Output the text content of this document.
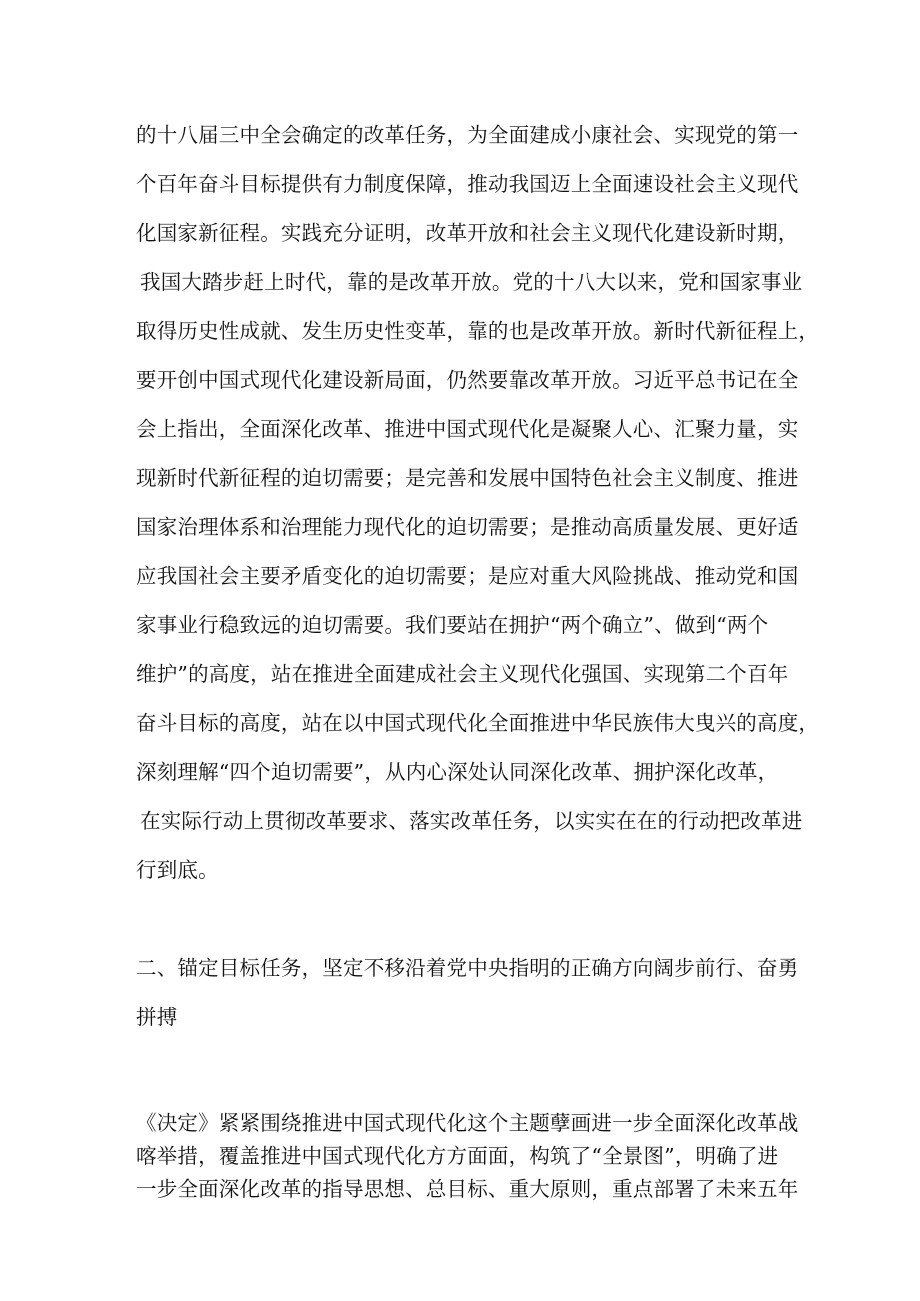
的十八届三中全会确定的改革任务，为全面建成小康社会、实现党的第一
个百年奋斗目标提供有力制度保障，推动我国迈上全面速设社会主义现代
化国家新征程。实践充分证明，改革开放和社会主义现代化建设新时期，
我国大踏步赶上时代，靠的是改革开放。党的十八大以来，党和国家事业
取得历史性成就、发生历史性变革，靠的也是改革开放。新时代新征程上，
要开创中国式现代化建设新局面，仍然要靠改革开放。习近平总书记在全
会上指出，全面深化改革、推进中国式现代化是凝聚人心、汇聚力量，实
现新时代新征程的迫切需要；是完善和发展中国特色社会主义制度、推进
国家治理体系和治理能力现代化的迫切需要；是推动高质量发展、更好适
应我国社会主要矛盾变化的迫切需要；是应对重大风险挑战、推动党和国
家事业行稳致远的迫切需要。我们要站在拥护“两个确立”、做到“两个
维护”的高度，站在推进全面建成社会主义现代化强国、实现第二个百年
奋斗目标的高度，站在以中国式现代化全面推进中华民族伟大曳兴的高度，
深刻理解“四个迫切需要”，从内心深处认同深化改革、拥护深化改革，
在实际行动上贯彻改革要求、落实改革任务，以实实在在的行动把改革进
行到底。
二、锚定目标任务，坚定不移沿着党中央指明的正确方向阔步前行、奋勇
拼搏
《决定》紧紧围绕推进中国式现代化这个主题孽画进一步全面深化改革战
喀举措，覆盖推进中国式现代化方方面面，构筑了“全景图”，明确了进
一步全面深化改革的指导思想、总目标、重大原则，重点部署了未来五年
